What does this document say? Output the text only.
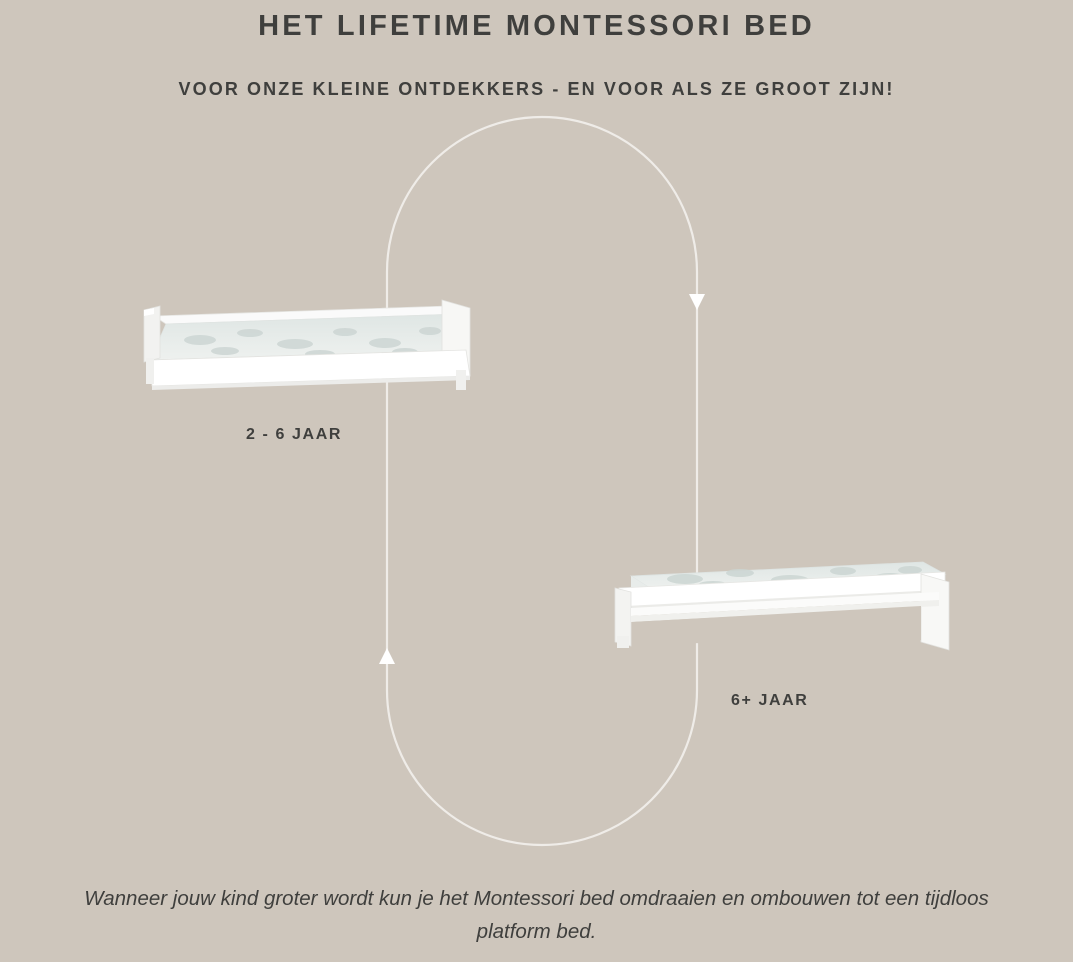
HET LIFETIME MONTESSORI BED
VOOR ONZE KLEINE ONTDEKKERS - EN VOOR ALS ZE GROOT ZIJN!
2 - 6 JAAR
6+ JAAR
Wanneer jouw kind groter wordt kun je het Montessori bed omdraaien en ombouwen tot een tijdloos platform bed.
